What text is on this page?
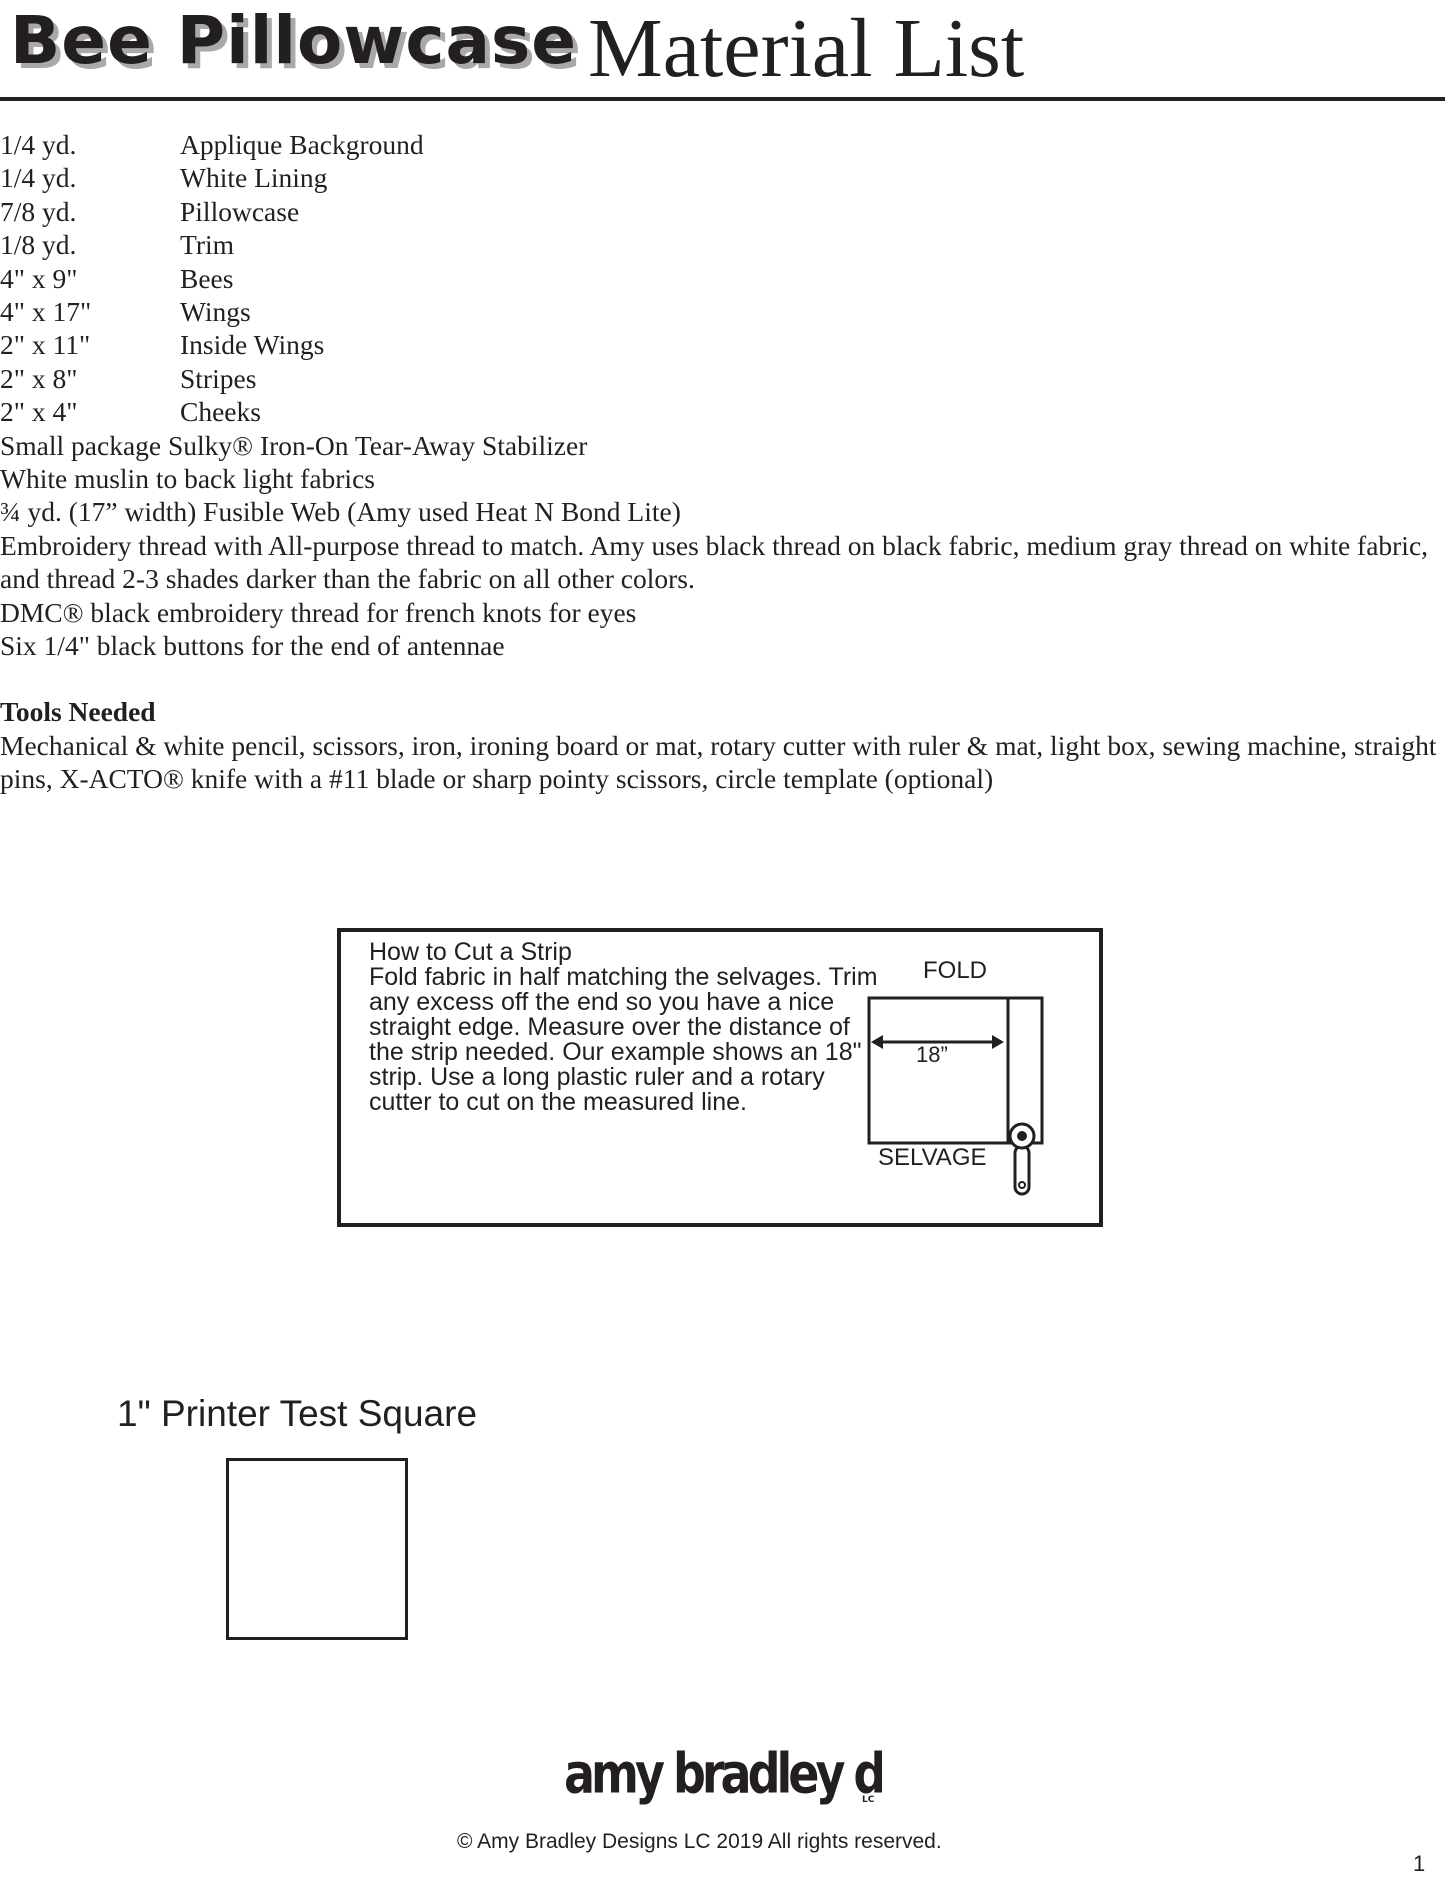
Bee Pillowcase Material List
1/4 yd.	Applique Background
1/4 yd.	White Lining
7/8 yd.	Pillowcase
1/8 yd.	Trim
4" x 9"	Bees
4" x 17"	Wings
2" x 11"	Inside Wings
2" x 8"	Stripes
2" x 4"	Cheeks
Small package Sulky® Iron-On Tear-Away Stabilizer
White muslin to back light fabrics
¾ yd. (17” width) Fusible Web (Amy used Heat N Bond Lite)
Embroidery thread with All-purpose thread to match. Amy uses black thread on black fabric, medium gray thread on white fabric, and thread 2-3 shades darker than the fabric on all other colors.
DMC® black embroidery thread for french knots for eyes
Six 1/4" black buttons for the end of antennae
Tools Needed
Mechanical & white pencil, scissors, iron, ironing board or mat, rotary cutter with ruler & mat, light box, sewing machine, straight pins, X-ACTO® knife with a #11 blade or sharp pointy scissors, circle template (optional)
How to Cut a Strip
Fold fabric in half matching the selvages. Trim any excess off the end so you have a nice straight edge. Measure over the distance of the strip needed. Our example shows an 18" strip. Use a long plastic ruler and a rotary cutter to cut on the measured line.
FOLD
18”
SELVAGE
1" Printer Test Square
amy bradley d
LC
© Amy Bradley Designs LC 2019 All rights reserved.
1
